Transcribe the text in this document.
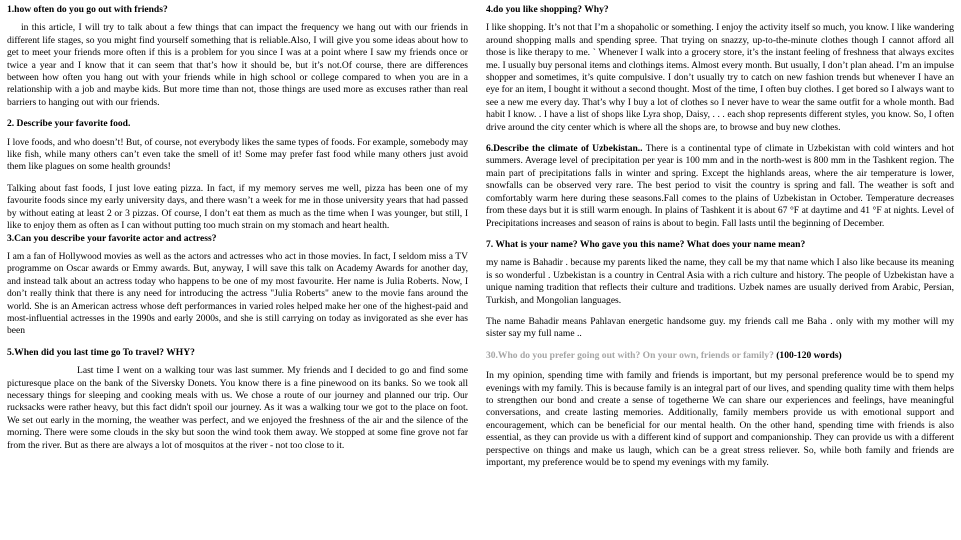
1.how often do you go out with friends?
in this article, I will try to talk about a few things that can impact the frequency we hang out with our friends in different life stages, so you might find yourself something that is reliable.Also, I will give you some ideas about how to get to meet your friends more often if this is a problem for you since I was at a point where I saw my friends once or twice a year and I know that it can seem that that’s how it should be, but it’s not.Of course, there are differences between how often you hang out with your friends while in high school or college compared to when you are in a relationship with a job and maybe kids. But more time than not, those things are used more as excuses rather than real barriers to hanging out with our friends.
2. Describe your favorite food.
I love foods, and who doesn’t! But, of course, not everybody likes the same types of foods. For example, somebody may like fish, while many others can’t even take the smell of it! Some may prefer fast food while many others just avoid them like plagues on some health grounds!
Talking about fast foods, I just love eating pizza. In fact, if my memory serves me well, pizza has been one of my favourite foods since my early university days, and there wasn’t a week for me in those university years that had passed by without eating at least 2 or 3 pizzas. Of course, I don’t eat them as much as the time when I was younger, but still, I like to enjoy them as often as I can without putting too much strain on my stomach and heart health.
3.Can you describe your favorite actor and actress?
I am a fan of Hollywood movies as well as the actors and actresses who act in those movies. In fact, I seldom miss a TV programme on Oscar awards or Emmy awards. But, anyway, I will save this talk on Academy Awards for another day, and instead talk about an actress today who happens to be one of my most favourite. Her name is Julia Roberts. Now, I don’t really think that there is any need for introducing the actress "Julia Roberts" anew to the movie fans around the world. She is an American actress whose deft performances in varied roles helped make her one of the highest-paid and most-influential actresses in the 1990s and early 2000s, and she is still carrying on today as invigorated as she ever has been
5.When did you last time go To travel? WHY?
Last time I went on a walking tour was last summer. My friends and I decided to go and find some picturesque place on the bank of the Siversky Donets. You know there is a fine pinewood on its banks. So we took all necessary things for sleeping and cooking meals with us. We chose a route of our journey and planned our trip. Our rucksacks were rather heavy, but this fact didn't spoil our journey. As it was a walking tour we got to the place on foot. We set out early in the morning, the weather was perfect, and we enjoyed the freshness of the air and the silence of the morning. There were some clouds in the sky but soon the wind took them away. We stopped at some fine grove not far from the river. But as there are always a lot of mosquitos at the river - not too close to it.
4.do you like shopping? Why?
I like shopping. It’s not that I’m a shopaholic or something. I enjoy the activity itself so much, you know. I like wandering around shopping malls and spending spree. That trying on snazzy, up-to-the-minute clothes though I cannot afford all those is like therapy to me. ` Whenever I walk into a grocery store, it’s the instant feeling of freshness that always excites me. I usually buy personal items and clothings items. Almost every month. But usually, I don’t plan ahead. I’m an impulse shopper and sometimes, it’s quite compulsive. I don’t usually try to catch on new fashion trends but whenever I have an eye for an item, I bought it without a second thought. Most of the time, I often buy clothes. I get bored so I always want to see a new me every day. That’s why I buy a lot of clothes so I never have to wear the same outfit for a whole month. Bad habit I know. . I have a list of shops like Lyra shop, Daisy, . . . each shop represents different styles, you know. So, I often drive around the city center which is where all the shops are, to browse and buy new clothes.
6.Describe the climate of Uzbekistan.. There is a continental type of climate in Uzbekistan with cold winters and hot summers. Average level of precipitation per year is 100 mm and in the north-west is 800 mm in the Tashkent region. The main part of precipitations falls in winter and spring. Except the highlands areas, where the air temperature is lower, snowfalls can be observed very rare. The best period to visit the country is spring and fall. The weather is soft and comfortably warm here during these seasons.Fall comes to the plains of Uzbekistan in October. Temperature decreases from these days but it is still warm enough. In plains of Tashkent it is about 67 °F at daytime and 41 °F at nights. Level of Precipitations increases and season of rains is about to begin. Fall lasts until the beginning of December.
7. What is your name? Who gave you this name? What does your name mean?
my name is Bahadir . because my parents liked the name, they call be my that name which I also like because its meaning is so wonderful . Uzbekistan is a country in Central Asia with a rich culture and history. The people of Uzbekistan have a unique naming tradition that reflects their culture and traditions. Uzbek names are usually derived from Arabic, Persian, Turkish, and Mongolian languages.
The name Bahadir means Pahlavan energetic handsome guy. my friends call me Baha . only with my mother will my sister say my full name ..
30.Who do you prefer going out with? On your own, friends or family? (100-120 words)
In my opinion, spending time with family and friends is important, but my personal preference would be to spend my evenings with my family. This is because family is an integral part of our lives, and spending quality time with them helps to strengthen our bond and create a sense of togetherne We can share our experiences and feelings, have meaningful conversations, and create lasting memories. Additionally, family members provide us with emotional support and encouragement, which can be beneficial for our mental health. On the other hand, spending time with friends is also essential, as they can provide us with a different kind of support and companionship. They can provide us with a different perspective on things and make us laugh, which can be a great stress reliever. So, while both family and friends are important, my preference would be to spend my evenings with my family.
